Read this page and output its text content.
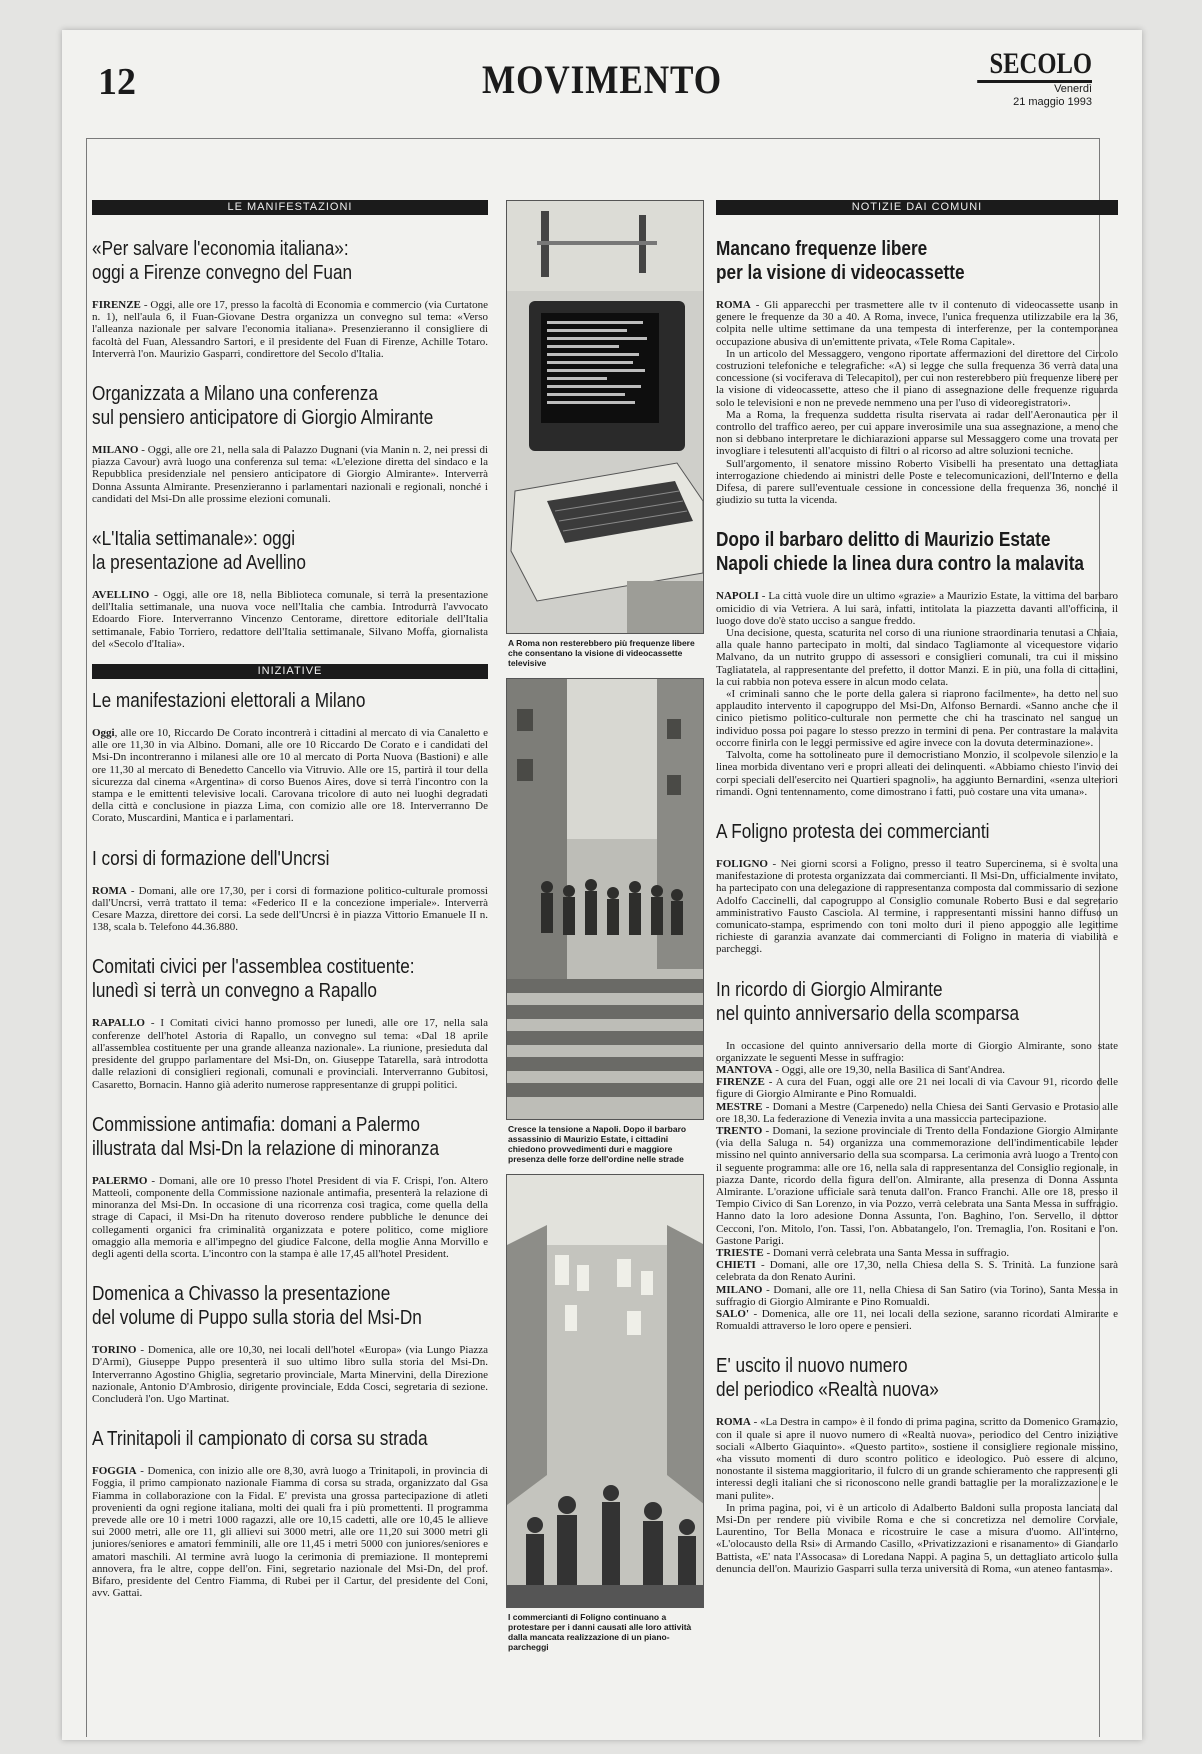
12	MOVIMENTO	SECOLO
Venerdì
21 maggio 1993
LE MANIFESTAZIONI
«Per salvare l'economia italiana»:
oggi a Firenze convegno del Fuan

FIRENZE - Oggi, alle ore 17, presso la facoltà di Economia e commercio (via Curtatone n. 1), nell'aula 6, il Fuan-Giovane Destra organizza un convegno sul tema: «Verso l'alleanza nazionale per salvare l'economia italiana». Presenzieranno il consigliere di facoltà del Fuan, Alessandro Sartori, e il presidente del Fuan di Firenze, Achille Totaro. Interverrà l'on. Maurizio Gasparri, condirettore del Secolo d'Italia.

Organizzata a Milano una conferenza
sul pensiero anticipatore di Giorgio Almirante

MILANO - Oggi, alle ore 21, nella sala di Palazzo Dugnani (via Manin n. 2, nei pressi di piazza Cavour) avrà luogo una conferenza sul tema: «L'elezione diretta del sindaco e la Repubblica presidenziale nel pensiero anticipatore di Giorgio Almirante». Interverrà Donna Assunta Almirante. Presenzieranno i parlamentari nazionali e regionali, nonché i candidati del Msi-Dn alle prossime elezioni comunali.

«L'Italia settimanale»: oggi
la presentazione ad Avellino

AVELLINO - Oggi, alle ore 18, nella Biblioteca comunale, si terrà la presentazione dell'Italia settimanale, una nuova voce nell'Italia che cambia. Introdurrà l'avvocato Edoardo Fiore. Interverranno Vincenzo Centorame, direttore editoriale dell'Italia settimanale, Fabio Torriero, redattore dell'Italia settimanale, Silvano Moffa, giornalista del «Secolo d'Italia».

INIZIATIVE
Le manifestazioni elettorali a Milano

Oggi, alle ore 10, Riccardo De Corato incontrerà i cittadini al mercato di via Canaletto e alle ore 11,30 in via Albino. Domani, alle ore 10 Riccardo De Corato e i candidati del Msi-Dn incontreranno i milanesi alle ore 10 al mercato di Porta Nuova (Bastioni) e alle ore 11,30 al mercato di Benedetto Cancello via Vitruvio. Alle ore 15, partirà il tour della sicurezza dal cinema «Argentina» di corso Buenos Aires, dove si terrà l'incontro con la stampa e le emittenti televisive locali. Carovana tricolore di auto nei luoghi degradati della città e conclusione in piazza Lima, con comizio alle ore 18. Interverranno De Corato, Muscardini, Mantica e i parlamentari.

I corsi di formazione dell'Uncrsi

ROMA - Domani, alle ore 17,30, per i corsi di formazione politico-culturale promossi dall'Uncrsi, verrà trattato il tema: «Federico II e la concezione imperiale». Interverrà Cesare Mazza, direttore dei corsi. La sede dell'Uncrsi è in piazza Vittorio Emanuele II n. 138, scala b. Telefono 44.36.880.

Comitati civici per l'assemblea costituente:
lunedì si terrà un convegno a Rapallo

RAPALLO - I Comitati civici hanno promosso per lunedì, alle ore 17, nella sala conferenze dell'hotel Astoria di Rapallo, un convegno sul tema: «Dal 18 aprile all'assemblea costituente per una grande alleanza nazionale». La riunione, presieduta dal presidente del gruppo parlamentare del Msi-Dn, on. Giuseppe Tatarella, sarà introdotta dalle relazioni di consiglieri regionali, comunali e provinciali. Interverranno Gubitosi, Casaretto, Bornacin. Hanno già aderito numerose rappresentanze di gruppi politici.

Commissione antimafia: domani a Palermo
illustrata dal Msi-Dn la relazione di minoranza

PALERMO - Domani, alle ore 10 presso l'hotel President di via F. Crispi, l'on. Altero Matteoli, componente della Commissione nazionale antimafia, presenterà la relazione di minoranza del Msi-Dn. In occasione di una ricorrenza così tragica, come quella della strage di Capaci, il Msi-Dn ha ritenuto doveroso rendere pubbliche le denunce dei collegamenti organici fra criminalità organizzata e potere politico, come migliore omaggio alla memoria e all'impegno del giudice Falcone, della moglie Anna Morvillo e degli agenti della scorta. L'incontro con la stampa è alle 17,45 all'hotel President.

Domenica a Chivasso la presentazione
del volume di Puppo sulla storia del Msi-Dn

TORINO - Domenica, alle ore 10,30, nei locali dell'hotel «Europa» (via Lungo Piazza D'Armi), Giuseppe Puppo presenterà il suo ultimo libro sulla storia del Msi-Dn. Interverranno Agostino Ghiglia, segretario provinciale, Marta Minervini, della Direzione nazionale, Antonio D'Ambrosio, dirigente provinciale, Edda Cosci, segretaria di sezione. Concluderà l'on. Ugo Martinat.

A Trinitapoli il campionato di corsa su strada

FOGGIA - Domenica, con inizio alle ore 8,30, avrà luogo a Trinitapoli, in provincia di Foggia, il primo campionato nazionale Fiamma di corsa su strada, organizzato dal Gsa Fiamma in collaborazione con la Fidal. E' prevista una grossa partecipazione di atleti provenienti da ogni regione italiana, molti dei quali fra i più promettenti. Il programma prevede alle ore 10 i metri 1000 ragazzi, alle ore 10,15 cadetti, alle ore 10,45 le allieve sui 2000 metri, alle ore 11, gli allievi sui 3000 metri, alle ore 11,20 sui 3000 metri gli juniores/seniores e amatori femminili, alle ore 11,45 i metri 5000 con juniores/seniores e amatori maschili. Al termine avrà luogo la cerimonia di premiazione. Il montepremi annovera, fra le altre, coppe dell'on. Fini, segretario nazionale del Msi-Dn, del prof. Bifaro, presidente del Centro Fiamma, di Rubei per il Cartur, del presidente del Coni, avv. Gattai.

A Roma non resterebbero più frequenze libere che consentano la visione di videocassette televisive
Cresce la tensione a Napoli. Dopo il barbaro assassinio di Maurizio Estate, i cittadini chiedono provvedimenti duri e maggiore presenza delle forze dell'ordine nelle strade
I commercianti di Foligno continuano a protestare per i danni causati alle loro attività dalla mancata realizzazione di un piano-parcheggi
NOTIZIE DAI COMUNI
Mancano frequenze libere
per la visione di videocassette

ROMA - Gli apparecchi per trasmettere alle tv il contenuto di videocassette usano in genere le frequenze da 30 a 40. A Roma, invece, l'unica frequenza utilizzabile era la 36, colpita nelle ultime settimane da una tempesta di interferenze, per la contemporanea occupazione abusiva di un'emittente privata, «Tele Roma Capitale».

In un articolo del Messaggero, vengono riportate affermazioni del direttore del Circolo costruzioni telefoniche e telegrafiche: «A) si legge che sulla frequenza 36 verrà data una concessione (si vociferava di Telecapitol), per cui non resterebbero più frequenze libere per la visione di videocassette, atteso che il piano di assegnazione delle frequenze riguarda solo le televisioni e non ne prevede nemmeno una per l'uso di videoregistratori».

Ma a Roma, la frequenza suddetta risulta riservata ai radar dell'Aeronautica per il controllo del traffico aereo, per cui appare inverosimile una sua assegnazione, a meno che non si debbano interpretare le dichiarazioni apparse sul Messaggero come una trovata per invogliare i telesutenti all'acquisto di filtri o al ricorso ad altre soluzioni tecniche.

Sull'argomento, il senatore missino Roberto Visibelli ha presentato una dettagliata interrogazione chiedendo ai ministri delle Poste e telecomunicazioni, dell'Interno e della Difesa, di parere sull'eventuale cessione in concessione della frequenza 36, nonché il giudizio su tutta la vicenda.

Dopo il barbaro delitto di Maurizio Estate
Napoli chiede la linea dura contro la malavita

NAPOLI - La città vuole dire un ultimo «grazie» a Maurizio Estate, la vittima del barbaro omicidio di via Vetriera. A lui sarà, infatti, intitolata la piazzetta davanti all'officina, il luogo dove do'è stato ucciso a sangue freddo.

Una decisione, questa, scaturita nel corso di una riunione straordinaria tenutasi a Chiaia, alla quale hanno partecipato in molti, dal sindaco Tagliamonte al vicequestore vicario Malvano, da un nutrito gruppo di assessori e consiglieri comunali, tra cui il missino Tagliatatela, al rappresentante del prefetto, il dottor Manzi. E in più, una folla di cittadini, la cui rabbia non poteva essere in alcun modo celata.

«I criminali sanno che le porte della galera si riaprono facilmente», ha detto nel suo applaudito intervento il capogruppo del Msi-Dn, Alfonso Bernardi. «Sanno anche che il cinico pietismo politico-culturale non permette che chi ha trascinato nel sangue un individuo possa poi pagare lo stesso prezzo in termini di pena. Per contrastare la malavita occorre finirla con le leggi permissive ed agire invece con la dovuta determinazione».

Talvolta, come ha sottolineato pure il democristiano Monzio, il scolpevole silenzio e la linea morbida diventano veri e propri alleati dei delinquenti. «Abbiamo chiesto l'invio dei corpi speciali dell'esercito nei Quartieri spagnoli», ha aggiunto Bernardini, «senza ulteriori rimandi. Ogni tentennamento, come dimostrano i fatti, può costare una vita umana».

A Foligno protesta dei commercianti

FOLIGNO - Nei giorni scorsi a Foligno, presso il teatro Supercinema, si è svolta una manifestazione di protesta organizzata dai commercianti. Il Msi-Dn, ufficialmente invitato, ha partecipato con una delegazione di rappresentanza composta dal commissario di sezione Adolfo Caccinelli, dal capogruppo al Consiglio comunale Roberto Busi e dal segretario amministrativo Fausto Casciola. Al termine, i rappresentanti missini hanno diffuso un comunicato-stampa, esprimendo con toni molto duri il pieno appoggio alle legittime richieste di garanzia avanzate dai commercianti di Foligno in materia di viabilità e parcheggi.

In ricordo di Giorgio Almirante
nel quinto anniversario della scomparsa

In occasione del quinto anniversario della morte di Giorgio Almirante, sono state organizzate le seguenti Messe in suffragio:

MANTOVA - Oggi, alle ore 19,30, nella Basilica di Sant'Andrea.

FIRENZE - A cura del Fuan, oggi alle ore 21 nei locali di via Cavour 91, ricordo delle figure di Giorgio Almirante e Pino Romualdi.

MESTRE - Domani a Mestre (Carpenedo) nella Chiesa dei Santi Gervasio e Protasio alle ore 18,30. La federazione di Venezia invita a una massiccia partecipazione.

TRENTO - Domani, la sezione provinciale di Trento della Fondazione Giorgio Almirante (via della Saluga n. 54) organizza una commemorazione dell'indimenticabile leader missino nel quinto anniversario della sua scomparsa. La cerimonia avrà luogo a Trento con il seguente programma: alle ore 16, nella sala di rappresentanza del Consiglio regionale, in piazza Dante, ricordo della figura dell'on. Almirante, alla presenza di Donna Assunta Almirante. L'orazione ufficiale sarà tenuta dall'on. Franco Franchi. Alle ore 18, presso il Tempio Civico di San Lorenzo, in via Pozzo, verrà celebrata una Santa Messa in suffragio. Hanno dato la loro adesione Donna Assunta, l'on. Baghino, l'on. Servello, il dottor Cecconi, l'on. Mitolo, l'on. Tassi, l'on. Abbatangelo, l'on. Tremaglia, l'on. Rositani e l'on. Gastone Parigi.

TRIESTE - Domani verrà celebrata una Santa Messa in suffragio.

CHIETI - Domani, alle ore 17,30, nella Chiesa della S. S. Trinità. La funzione sarà celebrata da don Renato Aurini.

MILANO - Domani, alle ore 11, nella Chiesa di San Satiro (via Torino), Santa Messa in suffragio di Giorgio Almirante e Pino Romualdi.

SALO' - Domenica, alle ore 11, nei locali della sezione, saranno ricordati Almirante e Romualdi attraverso le loro opere e pensieri.

E' uscito il nuovo numero
del periodico «Realtà nuova»

ROMA - «La Destra in campo» è il fondo di prima pagina, scritto da Domenico Gramazio, con il quale si apre il nuovo numero di «Realtà nuova», periodico del Centro iniziative sociali «Alberto Giaquinto». «Questo partito», sostiene il consigliere regionale missino, «ha vissuto momenti di duro scontro politico e ideologico. Può essere di alcuno, nonostante il sistema maggioritario, il fulcro di un grande schieramento che rappresenti gli interessi degli italiani che si riconoscono nelle grandi battaglie per la moralizzazione e le mani pulite».

In prima pagina, poi, vi è un articolo di Adalberto Baldoni sulla proposta lanciata dal Msi-Dn per rendere più vivibile Roma e che si concretizza nel demolire Corviale, Laurentino, Tor Bella Monaca e ricostruire le case a misura d'uomo. All'interno, «L'olocausto della Rsi» di Armando Casillo, «Privatizzazioni e risanamento» di Giancarlo Battista, «E' nata l'Assocasa» di Loredana Nappi. A pagina 5, un dettagliato articolo sulla denuncia dell'on. Maurizio Gasparri sulla terza università di Roma, «un ateneo fantasma».
